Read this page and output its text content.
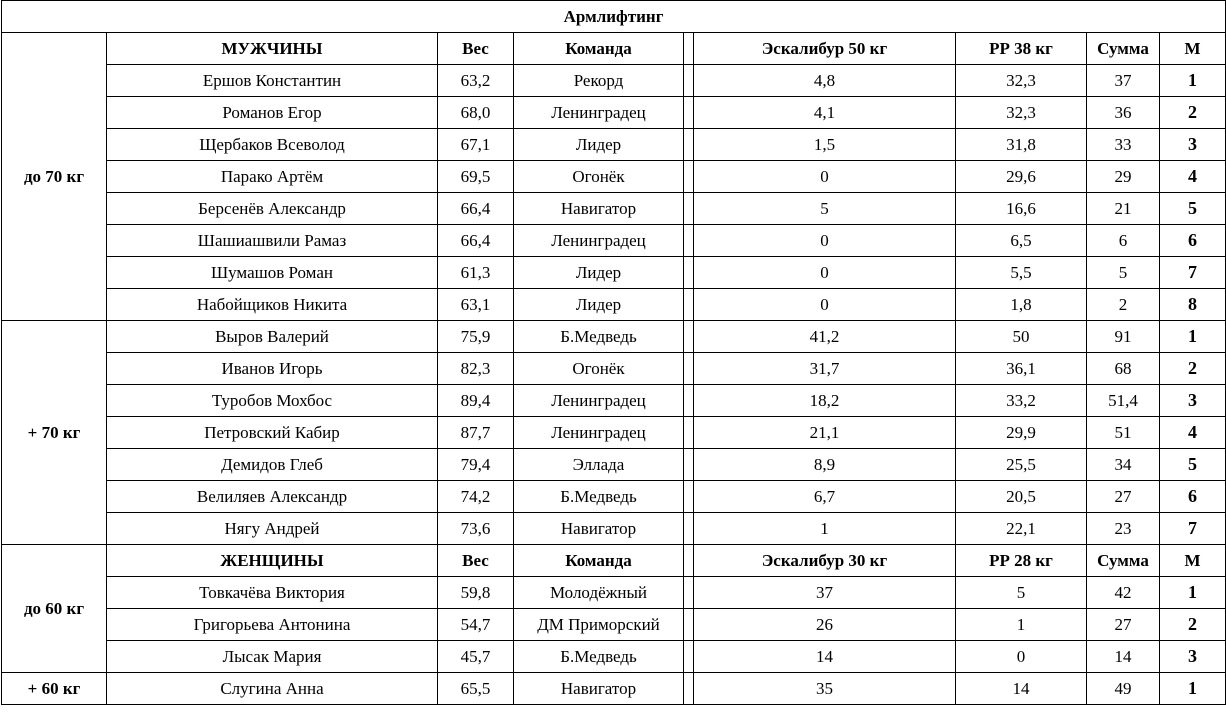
Армлифтинг								
до 70 кг	МУЖЧИНЫ	Вес	Команда		Эскалибур 50 кг	РР 38 кг	Сумма	М
	Ершов Константин	63,2	Рекорд		4,8	32,3	37	1
	Романов Егор	68,0	Ленинградец		4,1	32,3	36	2
	Щербаков Всеволод	67,1	Лидер		1,5	31,8	33	3
	Парако Артём	69,5	Огонёк		0	29,6	29	4
	Берсенёв Александр	66,4	Навигатор		5	16,6	21	5
	Шашиашвили Рамаз	66,4	Ленинградец		0	6,5	6	6
	Шумашов Роман	61,3	Лидер		0	5,5	5	7
	Набойщиков Никита	63,1	Лидер		0	1,8	2	8
+ 70 кг	Выров Валерий	75,9	Б.Медведь		41,2	50	91	1
	Иванов Игорь	82,3	Огонёк		31,7	36,1	68	2
	Туробов Мохбос	89,4	Ленинградец		18,2	33,2	51,4	3
	Петровский Кабир	87,7	Ленинградец		21,1	29,9	51	4
	Демидов Глеб	79,4	Эллада		8,9	25,5	34	5
	Велиляев Александр	74,2	Б.Медведь		6,7	20,5	27	6
	Нягу Андрей	73,6	Навигатор		1	22,1	23	7
до 60 кг	ЖЕНЩИНЫ	Вес	Команда		Эскалибур 30 кг	РР 28 кг	Сумма	М
	Товкачёва Виктория	59,8	Молодёжный		37	5	42	1
	Григорьева Антонина	54,7	ДМ Приморский		26	1	27	2
	Лысак Мария	45,7	Б.Медведь		14	0	14	3
+ 60 кг	Слугина Анна	65,5	Навигатор		35	14	49	1
